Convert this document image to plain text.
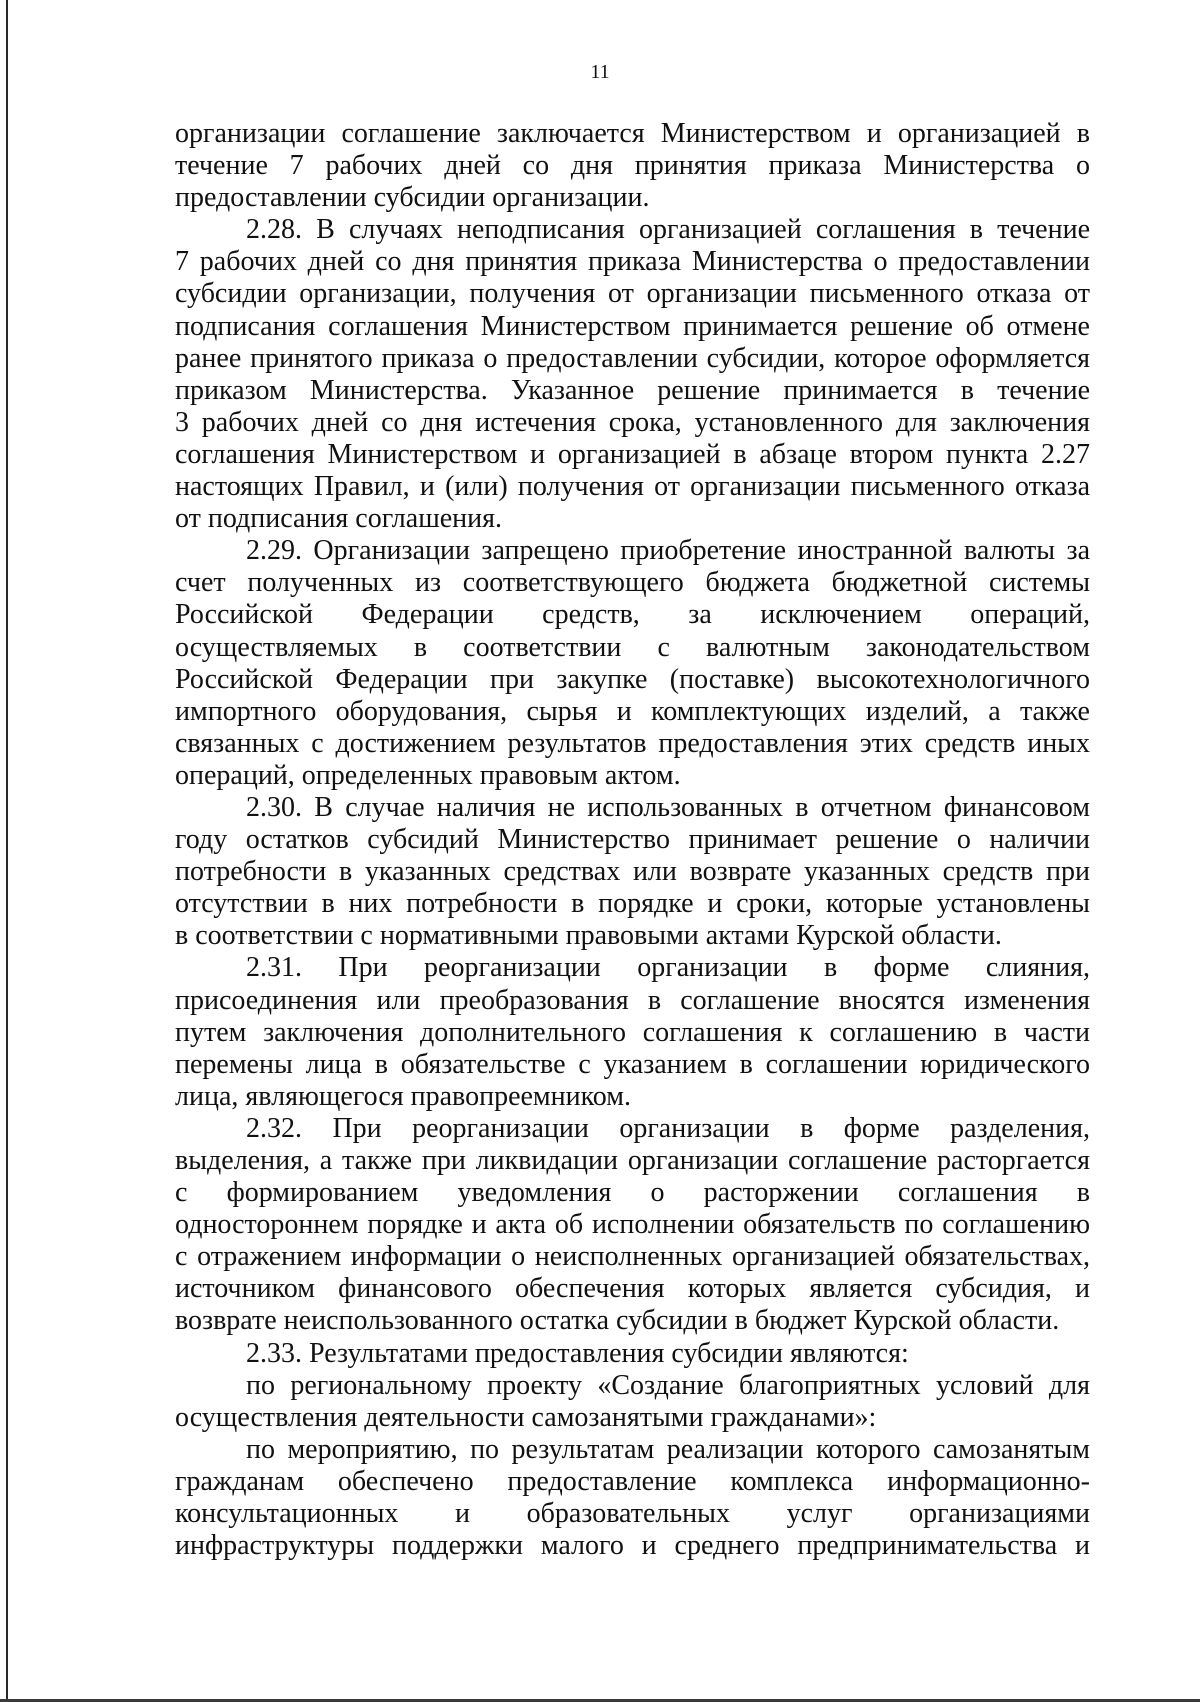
11
организации соглашение заключается Министерством и организацией в
течение 7 рабочих дней со дня принятия приказа Министерства о
предоставлении субсидии организации.
2.28. В случаях неподписания организацией соглашения в течение
7 рабочих дней со дня принятия приказа Министерства о предоставлении
субсидии организации, получения от организации письменного отказа от
подписания соглашения Министерством принимается решение об отмене
ранее принятого приказа о предоставлении субсидии, которое оформляется
приказом Министерства. Указанное решение принимается в течение
3 рабочих дней со дня истечения срока, установленного для заключения
соглашения Министерством и организацией в абзаце втором пункта 2.27
настоящих Правил, и (или) получения от организации письменного отказа
от подписания соглашения.
2.29. Организации запрещено приобретение иностранной валюты за
счет полученных из соответствующего бюджета бюджетной системы
Российской Федерации средств, за исключением операций,
осуществляемых в соответствии с валютным законодательством
Российской Федерации при закупке (поставке) высокотехнологичного
импортного оборудования, сырья и комплектующих изделий, а также
связанных с достижением результатов предоставления этих средств иных
операций, определенных правовым актом.
2.30. В случае наличия не использованных в отчетном финансовом
году остатков субсидий Министерство принимает решение о наличии
потребности в указанных средствах или возврате указанных средств при
отсутствии в них потребности в порядке и сроки, которые установлены
в соответствии с нормативными правовыми актами Курской области.
2.31. При реорганизации организации в форме слияния,
присоединения или преобразования в соглашение вносятся изменения
путем заключения дополнительного соглашения к соглашению в части
перемены лица в обязательстве с указанием в соглашении юридического
лица, являющегося правопреемником.
2.32. При реорганизации организации в форме разделения,
выделения, а также при ликвидации организации соглашение расторгается
с формированием уведомления о расторжении соглашения в
одностороннем порядке и акта об исполнении обязательств по соглашению
с отражением информации о неисполненных организацией обязательствах,
источником финансового обеспечения которых является субсидия, и
возврате неиспользованного остатка субсидии в бюджет Курской области.
2.33. Результатами предоставления субсидии являются:
по региональному проекту «Создание благоприятных условий для
осуществления деятельности самозанятыми гражданами»:
по мероприятию, по результатам реализации которого самозанятым
гражданам обеспечено предоставление комплекса информационно-
консультационных и образовательных услуг организациями
инфраструктуры поддержки малого и среднего предпринимательства и
